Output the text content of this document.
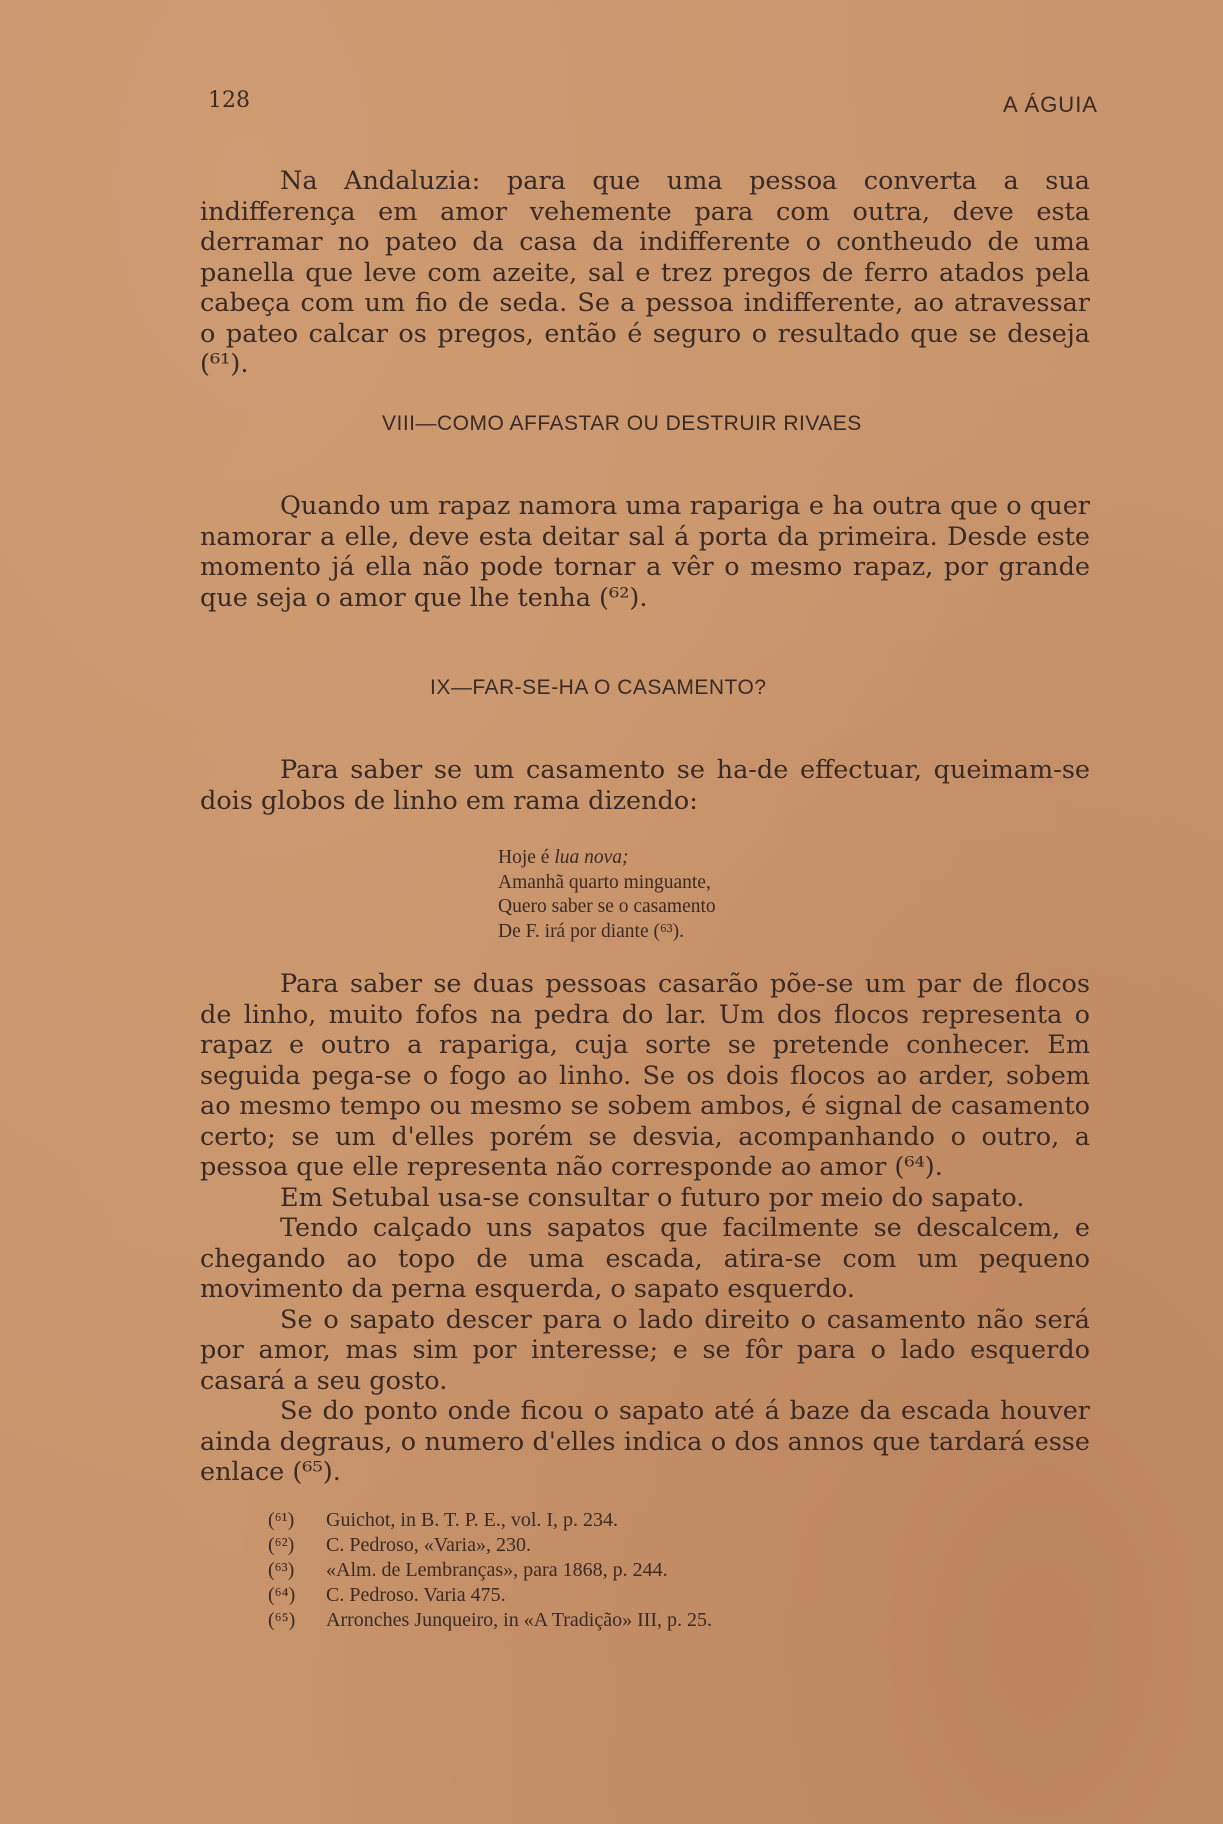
128	A ÁGUIA

Na Andaluzia: para que uma pessoa converta a sua indifferença em amor vehemente para com outra, deve esta derramar no pateo da casa da indifferente o contheudo de uma panella que leve com azeite, sal e trez pregos de ferro atados pela cabeça com um fio de seda. Se a pessoa indifferente, ao atravessar o pateo calcar os pregos, então é seguro o resultado que se deseja (⁶¹).

VIII—COMO AFFASTAR OU DESTRUIR RIVAES

Quando um rapaz namora uma rapariga e ha outra que o quer namorar a elle, deve esta deitar sal á porta da primeira. Desde este momento já ella não pode tornar a vêr o mesmo rapaz, por grande que seja o amor que lhe tenha (⁶²).

IX—FAR-SE-HA O CASAMENTO?

Para saber se um casamento se ha-de effectuar, queimam-se dois globos de linho em rama dizendo:

Hoje é lua nova;
Amanhã quarto minguante,
Quero saber se o casamento
De F. irá por diante (⁶³).

Para saber se duas pessoas casarão põe-se um par de flocos de linho, muito fofos na pedra do lar. Um dos flocos representa o rapaz e outro a rapariga, cuja sorte se pretende conhecer. Em seguida pega-se o fogo ao linho. Se os dois flocos ao arder, sobem ao mesmo tempo ou mesmo se sobem ambos, é signal de casamento certo; se um d'elles porém se desvia, acompanhando o outro, a pessoa que elle representa não corresponde ao amor (⁶⁴).

Em Setubal usa-se consultar o futuro por meio do sapato.

Tendo calçado uns sapatos que facilmente se descalcem, e chegando ao topo de uma escada, atira-se com um pequeno movimento da perna esquerda, o sapato esquerdo.

Se o sapato descer para o lado direito o casamento não será por amor, mas sim por interesse; e se fôr para o lado esquerdo casará a seu gosto.

Se do ponto onde ficou o sapato até á baze da escada houver ainda degraus, o numero d'elles indica o dos annos que tardará esse enlace (⁶⁵).

(⁶¹) Guichot, in B. T. P. E., vol. I, p. 234.
(⁶²) C. Pedroso, «Varia», 230.
(⁶³) «Alm. de Lembranças», para 1868, p. 244.
(⁶⁴) C. Pedroso. Varia 475.
(⁶⁵) Arronches Junqueiro, in «A Tradição» III, p. 25.
